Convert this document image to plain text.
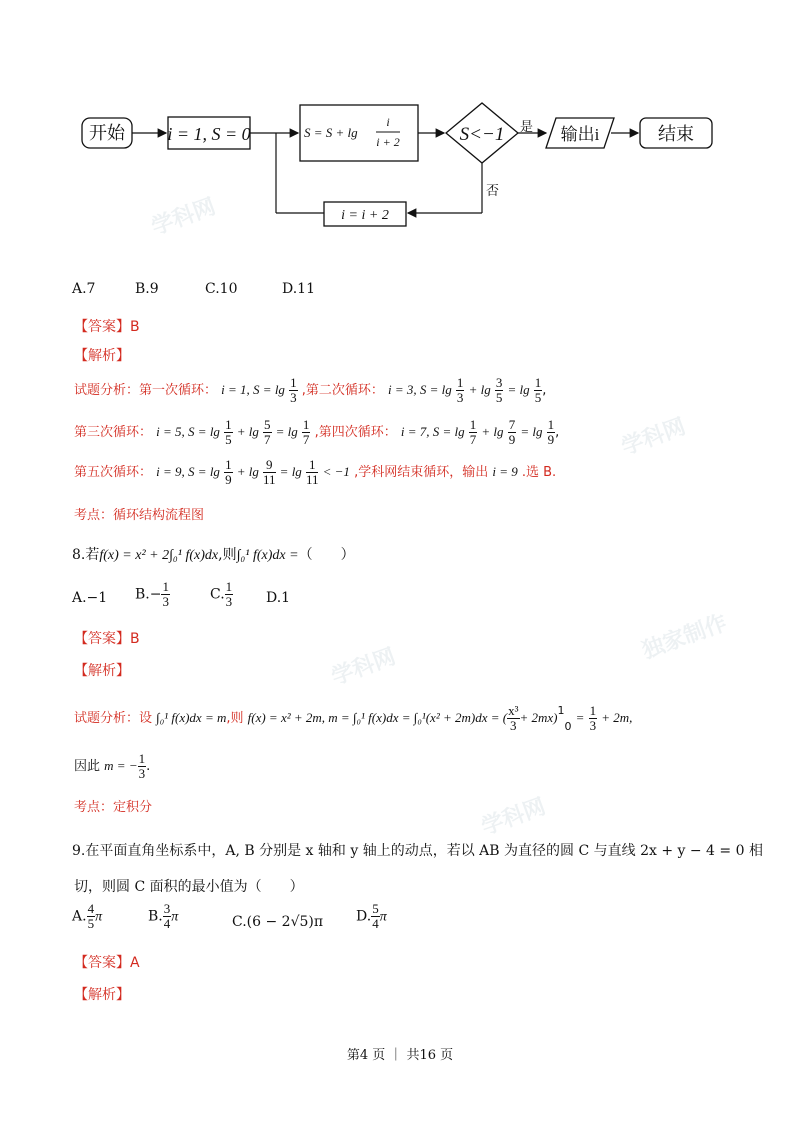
学科网
学科网
独家制作
学科网
学科网
开始 i = 1, S = 0	S = S + lg
i
i + 2	S<−1 是 输出i	结束
否
i = i + 2
A.7	B.9	C.10	D.11
【答案】B
【解析】
试题分析：第一次循环： i = 1, $S = \lg \frac{1}{3}$ ,第二次循环： i = 3, $S = \lg \frac{1}{3} + \lg \frac{3}{5} = \lg \frac{1}{5}$ ,
第三次循环： i = 5, $S = \lg \frac{1}{5} + \lg \frac{5}{7} = \lg \frac{1}{7}$ ,第四次循环： i = 7, $S = \lg \frac{1}{7} + \lg \frac{7}{9} = \lg \frac{1}{9}$ ,
第五次循环： i = 9, $S = \lg \frac{1}{9} + \lg \frac{9}{11} = \lg \frac{1}{11} < -1$ ,学科网结束循环，输出 i = 9 .选 B.
考点：循环结构流程图
8.若f(x) = x² + 2∫₀¹ f(x)dx,则∫₀¹ f(x)dx =（　　）
A.−1 $B.- \frac{1}{3}$	C. $\frac{1}{3} D.1$
【答案】B
【解析】
试题分析：设 ∫₀¹ f(x)dx = m,则 f(x) = x² + 2m, m = ∫₀¹ f(x)dx = ∫₀¹(x² + 2m)dx = ( $\frac{\text{x³}}{3} + 2mx)^10 = \frac{1}{3} + 2m$,
因此 m = − $\frac{1}{3}$ .
考点：定积分
9.在平面直角坐标系中，A, B 分别是 x 轴和 y 轴上的动点，若以 AB 为直径的圆 C 与直线 2x + y − 4 = 0 相
切，则圆 C 面积的最小值为（　　）
A. $\frac{4}{5}$ π	B. $\frac{3}{4}$ π	C.(6 − 2√5)π D. $\frac{5}{4}$ π
【答案】A
【解析】
第4 页 ｜ 共16 页
